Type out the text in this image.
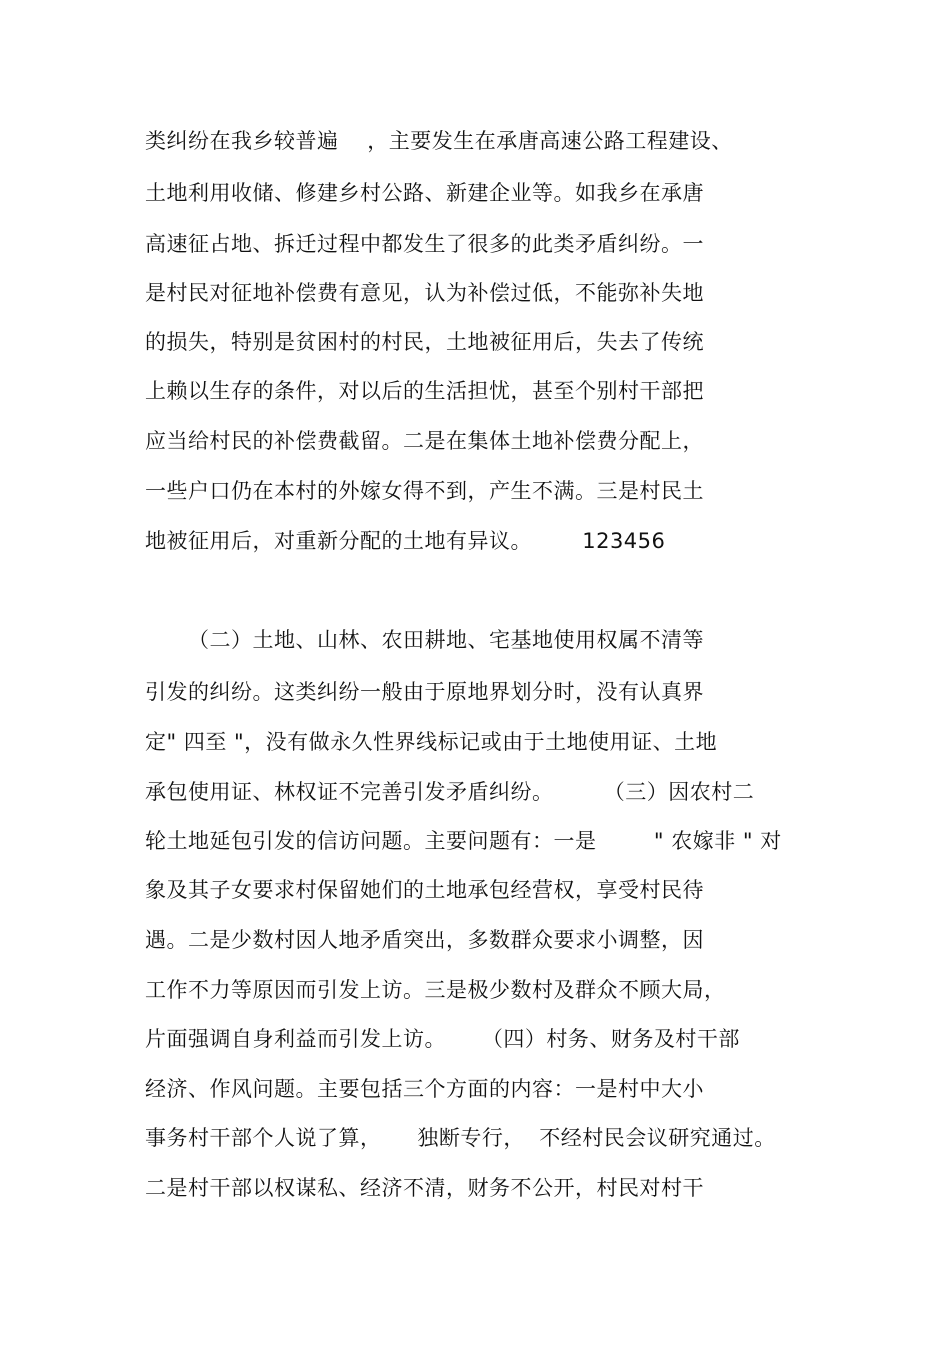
类纠纷在我乡较普遍    ，主要发生在承唐高速公路工程建设、
土地利用收储、修建乡村公路、新建企业等。如我乡在承唐
高速征占地、拆迁过程中都发生了很多的此类矛盾纠纷。一
是村民对征地补偿费有意见，认为补偿过低，不能弥补失地
的损失，特别是贫困村的村民，土地被征用后，失去了传统
上赖以生存的条件，对以后的生活担忧，甚至个别村干部把
应当给村民的补偿费截留。二是在集体土地补偿费分配上，
一些户口仍在本村的外嫁女得不到，产生不满。三是村民土
地被征用后，对重新分配的土地有异议。       123456
（二）土地、山林、农田耕地、宅基地使用权属不清等
引发的纠纷。这类纠纷一般由于原地界划分时，没有认真界
定" 四至 "，没有做永久性界线标记或由于土地使用证、土地
承包使用证、林权证不完善引发矛盾纠纷。       （三）因农村二
轮土地延包引发的信访问题。主要问题有：一是        " 农嫁非 " 对
象及其子女要求村保留她们的土地承包经营权，享受村民待
遇。二是少数村因人地矛盾突出，多数群众要求小调整，因
工作不力等原因而引发上访。三是极少数村及群众不顾大局，
片面强调自身利益而引发上访。     （四）村务、财务及村干部
经济、作风问题。主要包括三个方面的内容：一是村中大小
事务村干部个人说了算，     独断专行，  不经村民会议研究通过。
二是村干部以权谋私、经济不清，财务不公开，村民对村干
